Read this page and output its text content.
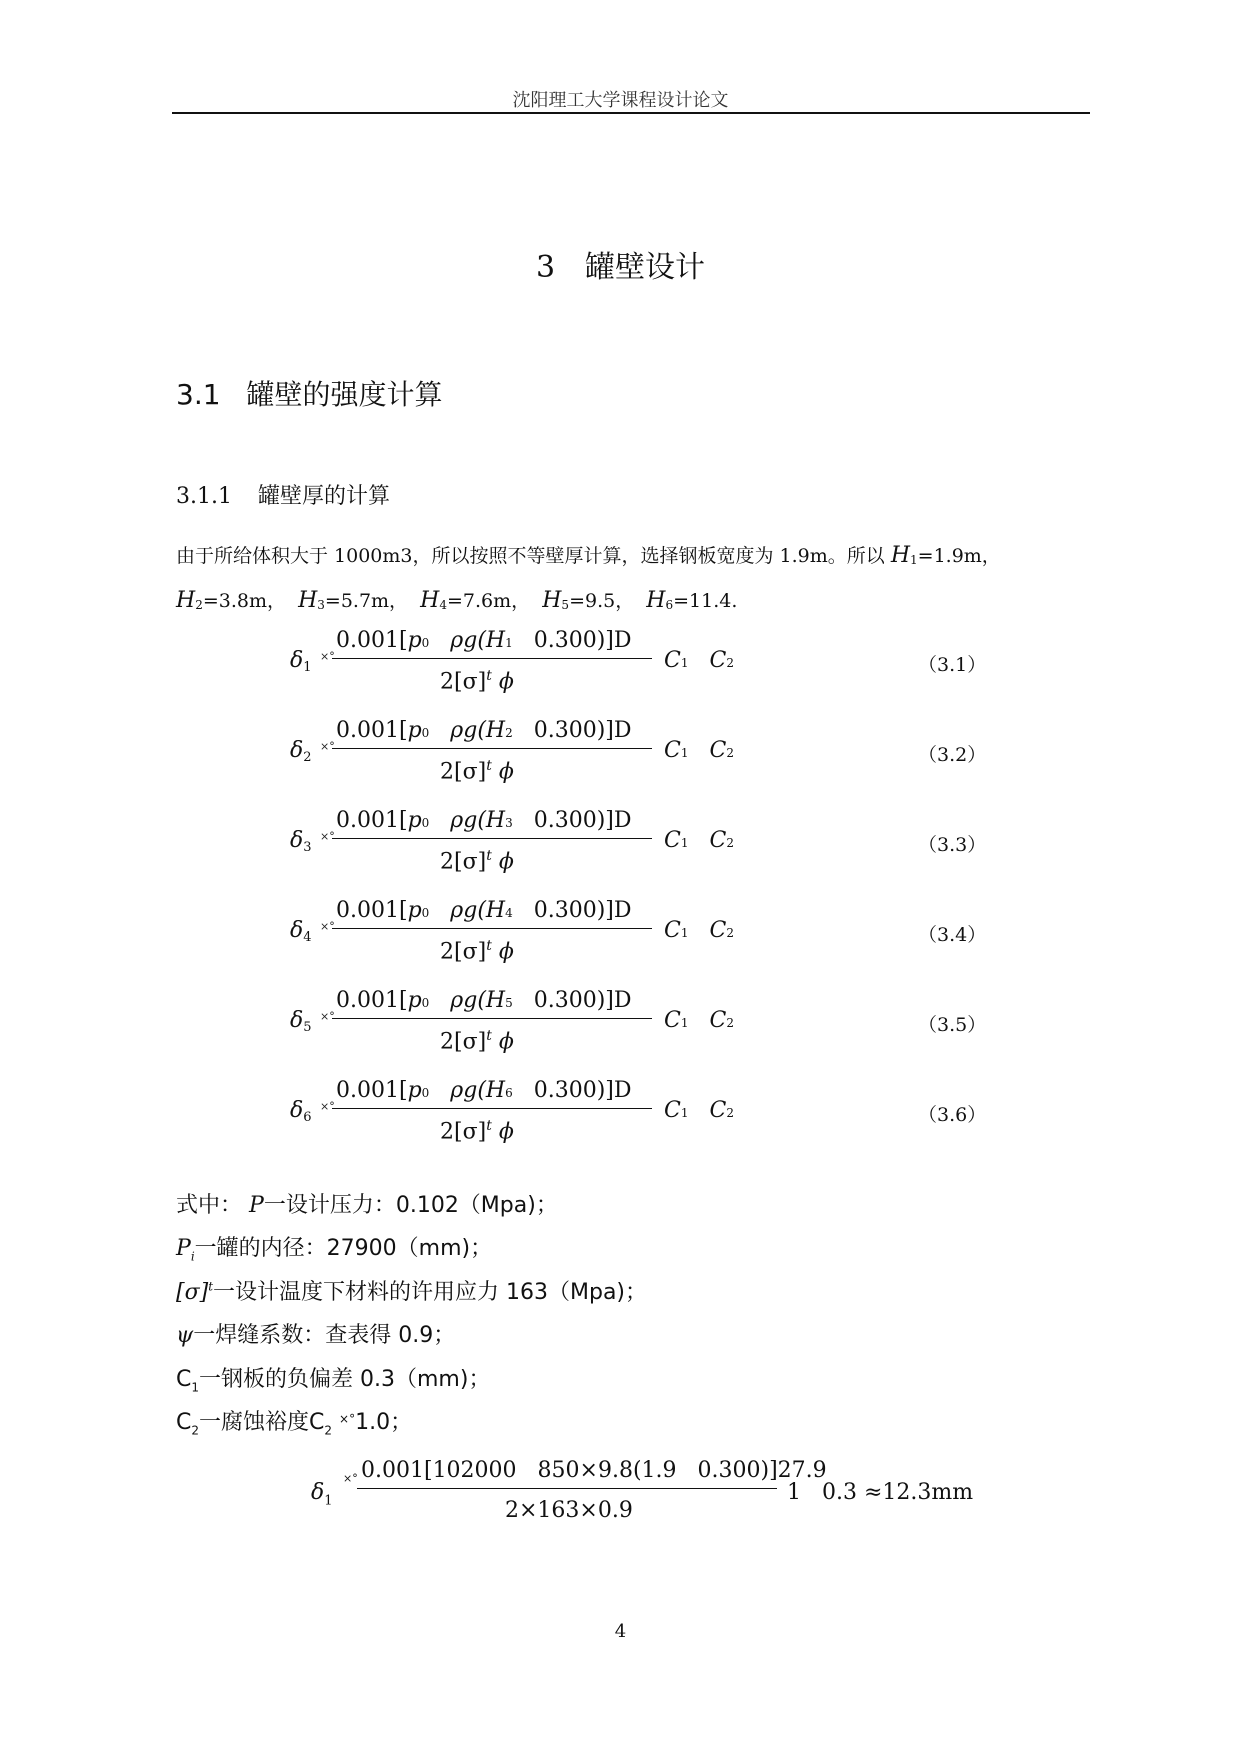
沈阳理工大学课程设计论文
3 罐壁设计
3.1 罐壁的强度计算
3.1.1 罐壁厚的计算
由于所给体积大于 1000m3，所以按照不等壁厚计算，选择钢板宽度为 1.9m。所以 $H_1=1.9m$，
$H_2=3.8m$， $H_3=5.7m$， $H_4=7.6m$， $H_5=9.5$， $H_6=11.4$.
$\delta_1$
×°
0.001[p0 ρg(H1 0.300)]D
$2[\sigma]^t$ ϕ
C1 C2	（3.1）
$\delta_2$
×°
0.001[p0 ρg(H2 0.300)]D
$2[\sigma]^t$ ϕ
C1 C2	（3.2）
$\delta_3$
×°
0.001[p0 ρg(H3 0.300)]D
$2[\sigma]^t$ ϕ
C1 C2	（3.3）
$\delta_4$
×°
0.001[p0 ρg(H4 0.300)]D
$2[\sigma]^t$ ϕ
C1 C2	（3.4）
$\delta_5$
×°
0.001[p0 ρg(H5 0.300)]D
$2[\sigma]^t$ ϕ
C1 C2	（3.5）
$\delta_6$
×°
0.001[p0 ρg(H6 0.300)]D
$2[\sigma]^t$ ϕ
C1 C2	（3.6）
式中： P一设计压力：0.102（Mpa)；
$P_i$一罐的内径：27900（mm)；
$[\sigma]^t$一设计温度下材料的许用应力 163（Mpa)；
ψ一焊缝系数：查表得 0.9；
$C_1$一钢板的负偏差 0.3（mm)；
$C_2$一腐蚀裕度$C_2$ ×°1.0；
$\delta_1$
×° 0.001[102000 850×9.8(1.9 0.300)]27.9
2×163×0.9
1   0.3 ≈12.3mm
4
